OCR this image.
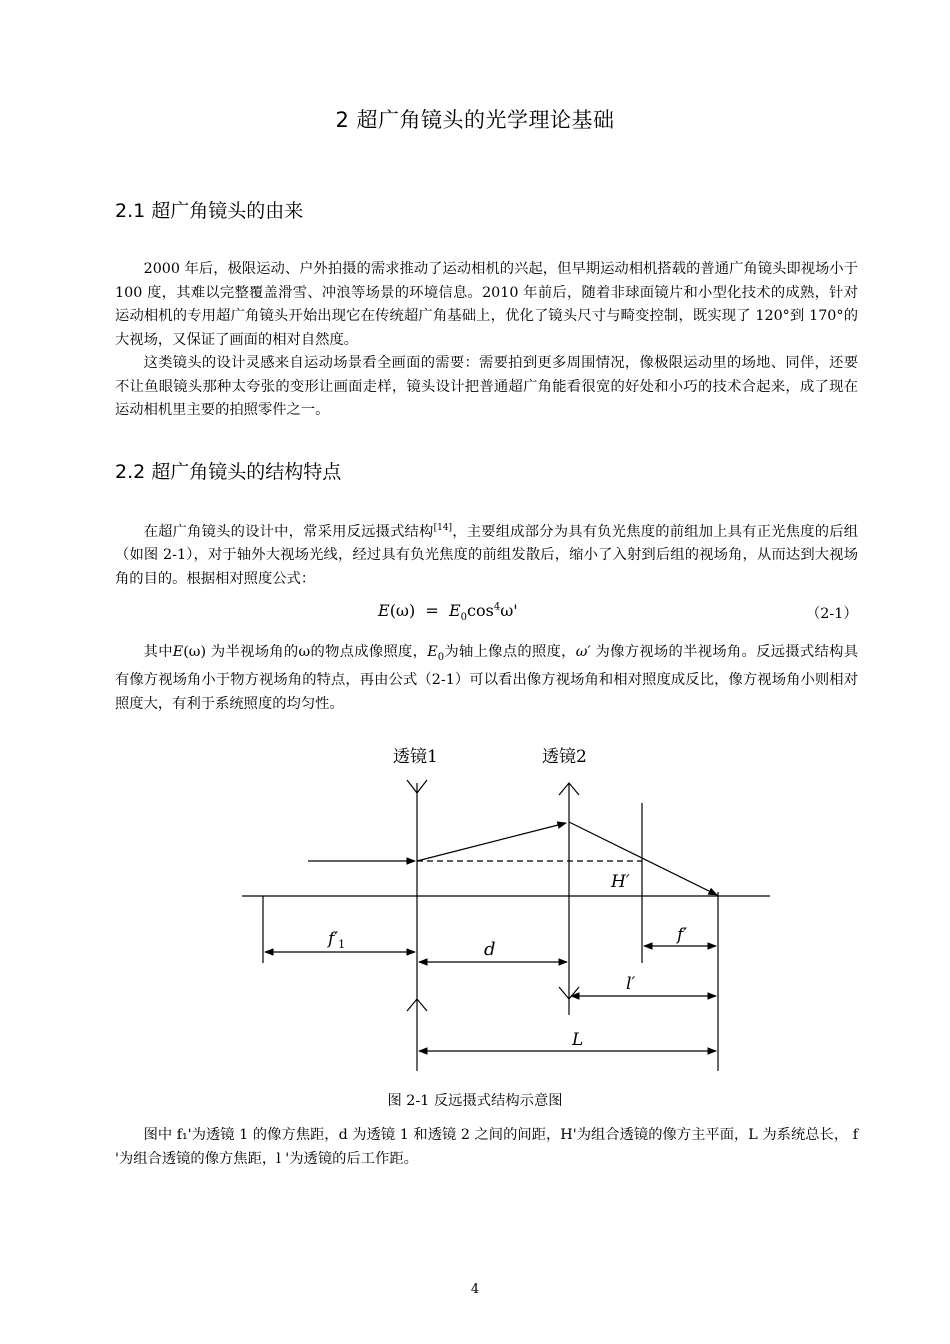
2 超广角镜头的光学理论基础
2.1 超广角镜头的由来

2000 年后，极限运动、户外拍摄的需求推动了运动相机的兴起，但早期运动相机搭载的普通广角镜头即视场小于 100 度，其难以完整覆盖滑雪、冲浪等场景的环境信息。2010 年前后，随着非球面镜片和小型化技术的成熟，针对运动相机的专用超广角镜头开始出现它在传统超广角基础上，优化了镜头尺寸与畸变控制，既实现了 120°到 170°的大视场，又保证了画面的相对自然度。

这类镜头的设计灵感来自运动场景看全画面的需要：需要拍到更多周围情况，像极限运动里的场地、同伴，还要不让鱼眼镜头那种太夸张的变形让画面走样，镜头设计把普通超广角能看很宽的好处和小巧的技术合起来，成了现在运动相机里主要的拍照零件之一。

2.2 超广角镜头的结构特点

在超广角镜头的设计中，常采用反远摄式结构[14]，主要组成部分为具有负光焦度的前组加上具有正光焦度的后组（如图 2-1），对于轴外大视场光线，经过具有负光焦度的前组发散后，缩小了入射到后组的视场角，从而达到大视场角的目的。根据相对照度公式：

$E(\omega) = E_0\cos^4\omega'$	（2-1）

其中E(ω) 为半视场角的ω的物点成像照度，$E_0$为轴上像点的照度，ω′ 为像方视场的半视场角。反远摄式结构具有像方视场角小于物方视场角的特点，再由公式（2-1）可以看出像方视场角和相对照度成反比，像方视场角小则相对照度大，有利于系统照度的均匀性。

透镜1	透镜2
H′
$f'_1$	d
f′
l′
L
图 2-1 反远摄式结构示意图

图中 f₁'为透镜 1 的像方焦距，d 为透镜 1 和透镜 2 之间的间距，H'为组合透镜的像方主平面，L 为系统总长， f '为组合透镜的像方焦距，l '为透镜的后工作距。

4
